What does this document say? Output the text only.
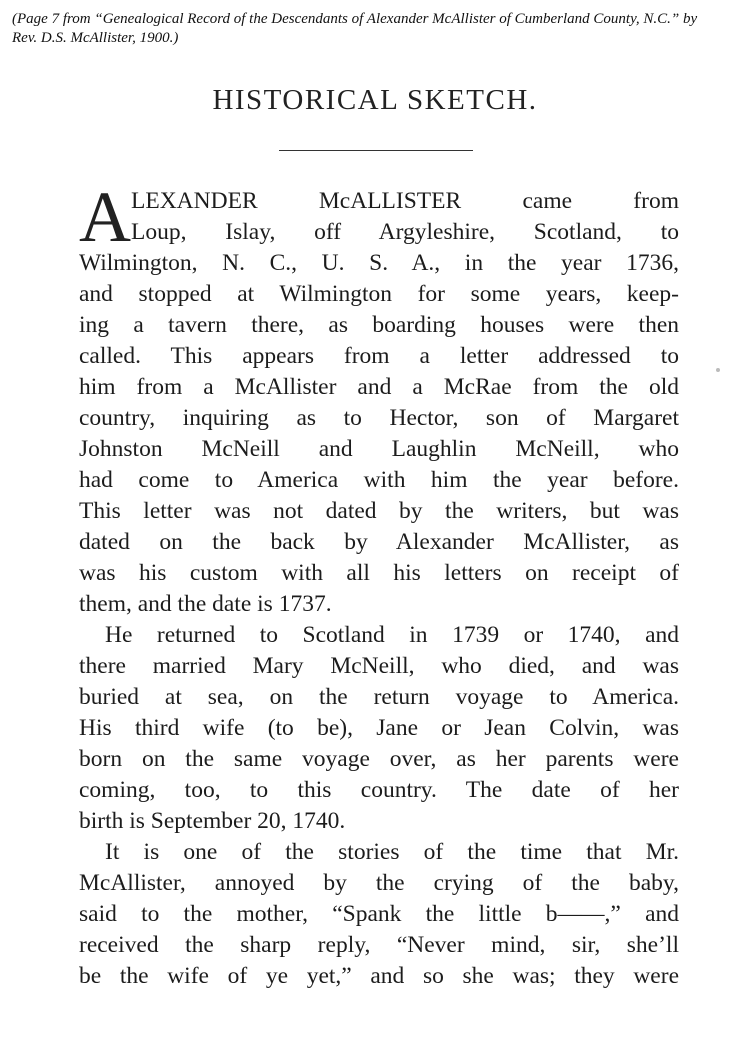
(Page 7 from “Genealogical Record of the Descendants of Alexander McAllister of Cumberland County, N.C.” by Rev. D.S. McAllister, 1900.)
HISTORICAL SKETCH.
A LEXANDER McALLISTER came from
Loup, Islay, off Argyleshire, Scotland, to
Wilmington, N. C., U. S. A., in the year 1736,
and stopped at Wilmington for some years, keep-
ing a tavern there, as boarding houses were then
called. This appears from a letter addressed to
him from a McAllister and a McRae from the old
country, inquiring as to Hector, son of Margaret
Johnston McNeill and Laughlin McNeill, who
had come to America with him the year before.
This letter was not dated by the writers, but was
dated on the back by Alexander McAllister, as
was his custom with all his letters on receipt of
them, and the date is 1737.
He returned to Scotland in 1739 or 1740, and
there married Mary McNeill, who died, and was
buried at sea, on the return voyage to America.
His third wife (to be), Jane or Jean Colvin, was
born on the same voyage over, as her parents were
coming, too, to this country. The date of her
birth is September 20, 1740.
It is one of the stories of the time that Mr.
McAllister, annoyed by the crying of the baby,
said to the mother, “Spank the little b——,” and
received the sharp reply, “Never mind, sir, she’ll
be the wife of ye yet,” and so she was; they were
